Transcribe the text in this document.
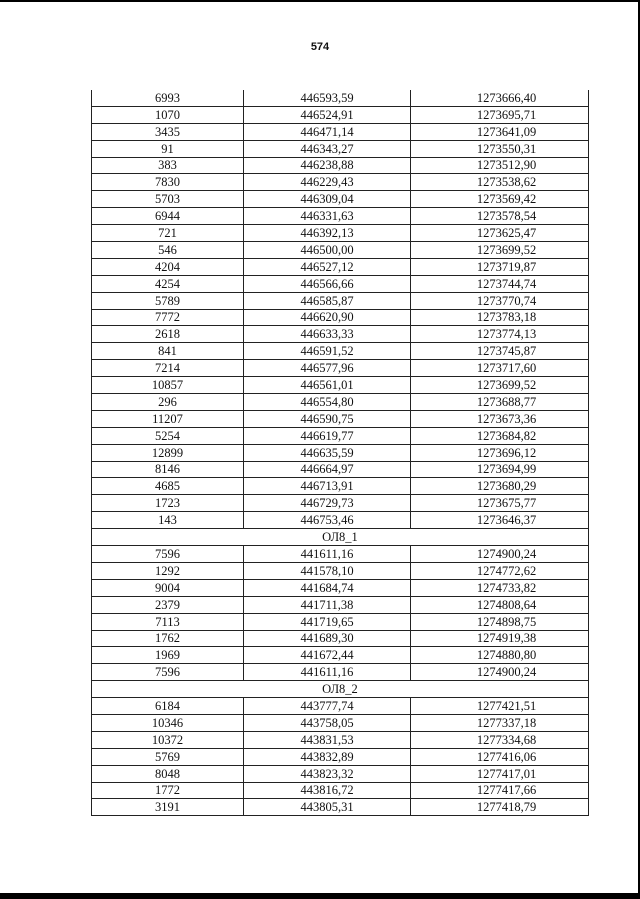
574
6993	446593,59	1273666,40
1070	446524,91	1273695,71
3435	446471,14	1273641,09
91	446343,27	1273550,31
383	446238,88	1273512,90
7830	446229,43	1273538,62
5703	446309,04	1273569,42
6944	446331,63	1273578,54
721	446392,13	1273625,47
546	446500,00	1273699,52
4204	446527,12	1273719,87
4254	446566,66	1273744,74
5789	446585,87	1273770,74
7772	446620,90	1273783,18
2618	446633,33	1273774,13
841	446591,52	1273745,87
7214	446577,96	1273717,60
10857	446561,01	1273699,52
296	446554,80	1273688,77
11207	446590,75	1273673,36
5254	446619,77	1273684,82
12899	446635,59	1273696,12
8146	446664,97	1273694,99
4685	446713,91	1273680,29
1723	446729,73	1273675,77
143	446753,46	1273646,37
ОЛ8_1		
7596	441611,16	1274900,24
1292	441578,10	1274772,62
9004	441684,74	1274733,82
2379	441711,38	1274808,64
7113	441719,65	1274898,75
1762	441689,30	1274919,38
1969	441672,44	1274880,80
7596	441611,16	1274900,24
ОЛ8_2		
6184	443777,74	1277421,51
10346	443758,05	1277337,18
10372	443831,53	1277334,68
5769	443832,89	1277416,06
8048	443823,32	1277417,01
1772	443816,72	1277417,66
3191	443805,31	1277418,79
